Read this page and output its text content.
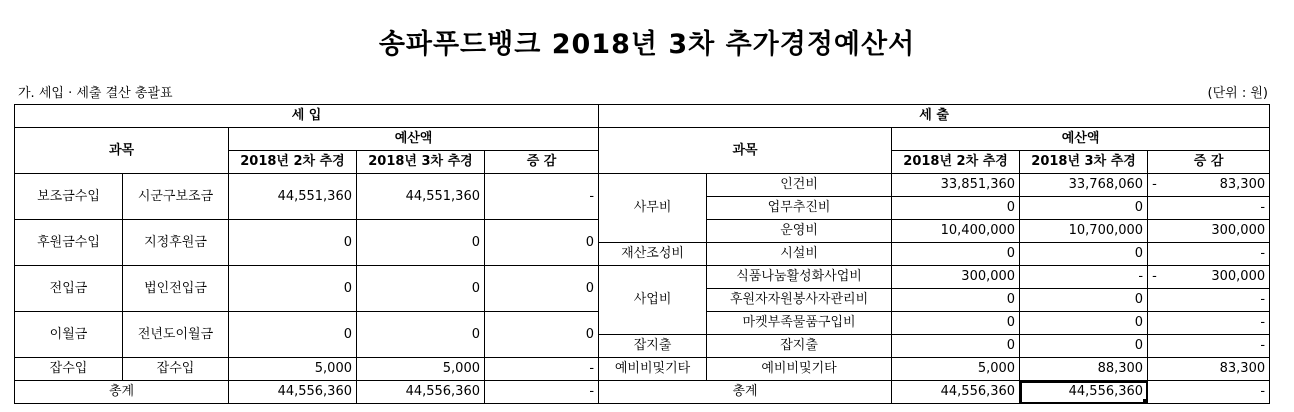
송파푸드뱅크 2018년 3차 추가경정예산서
가. 세입 · 세출 결산 총괄표	(단위 : 원)
세 입					세 출				
과목		예산액			과목		예산액		
		2018년 2차 추경	2018년 3차 추경	증 감			2018년 2차 추경	2018년 3차 추경	증 감
보조금수입	시군구보조금	44,551,360	44,551,360	-	사무비	인건비	33,851,360	33,768,060	- 83,300

						업무추진비	0	0	-
후원금수입	지정후원금	0	0	0		운영비	10,400,000	10,700,000	300,000
					재산조성비	시설비	0	0	-
전입금	법인전입금	0	0	0	사업비	식품나눔활성화사업비	300,000	-	- 300,000

						후원자자원봉사자관리비	0	0	-
이월금	전년도이월금	0	0	0		마켓부족물품구입비	0	0	-
					잡지출	잡지출	0	0	-
잡수입	잡수입	5,000	5,000	-	예비비및기타	예비비및기타	5,000	88,300	83,300
총계		44,556,360	44,556,360	-	총계		44,556,360	44,556,360	-
